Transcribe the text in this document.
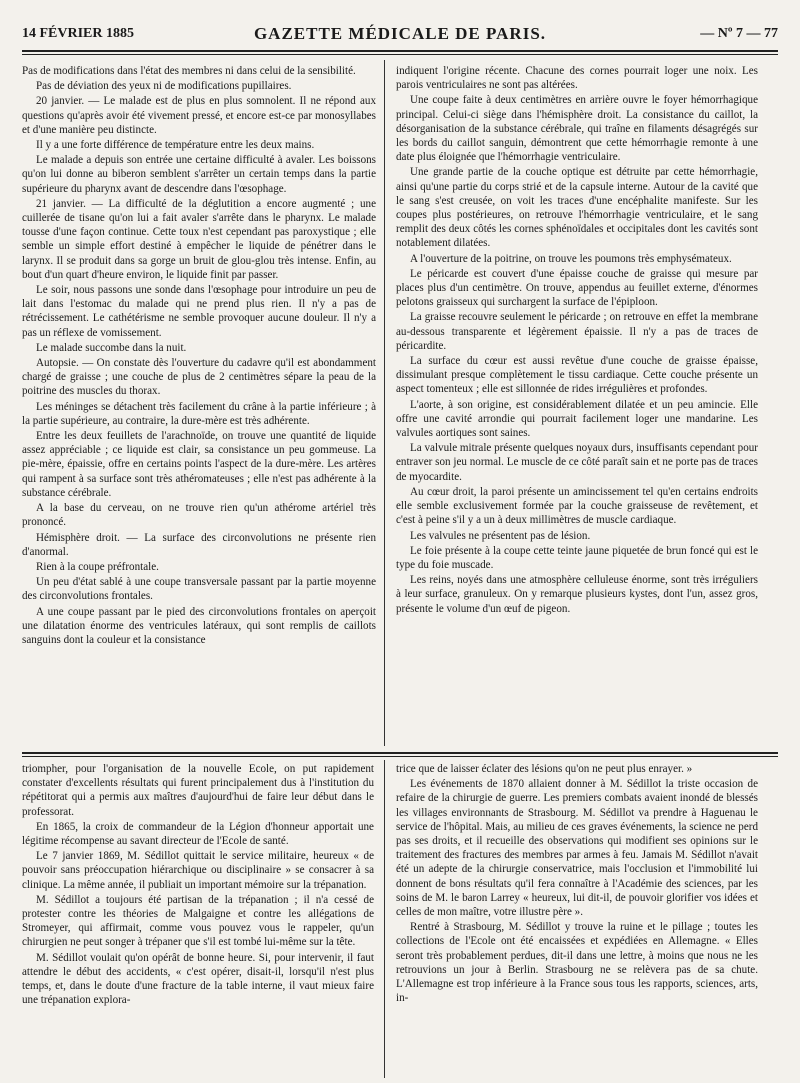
14 FÉVRIER 1885	GAZETTE MÉDICALE DE PARIS.	— Nº 7 — 77

Pas de modifications dans l'état des membres ni dans celui de la sensibilité.

Pas de déviation des yeux ni de modifications pupillaires.

20 janvier. — Le malade est de plus en plus somnolent. Il ne répond aux questions qu'après avoir été vivement pressé, et encore est-ce par monosyllabes et d'une manière peu distincte.

Il y a une forte différence de température entre les deux mains.

Le malade a depuis son entrée une certaine difficulté à avaler. Les boissons qu'on lui donne au biberon semblent s'arrêter un certain temps dans la partie supérieure du pharynx avant de descendre dans l'œsophage.

21 janvier. — La difficulté de la déglutition a encore augmenté ; une cuillerée de tisane qu'on lui a fait avaler s'arrête dans le pharynx. Le malade tousse d'une façon continue. Cette toux n'est cependant pas paroxystique ; elle semble un simple effort destiné à empêcher le liquide de pénétrer dans le larynx. Il se produit dans sa gorge un bruit de glou-glou très intense. Enfin, au bout d'un quart d'heure environ, le liquide finit par passer.

Le soir, nous passons une sonde dans l'œsophage pour introduire un peu de lait dans l'estomac du malade qui ne prend plus rien. Il n'y a pas de rétrécissement. Le cathétérisme ne semble provoquer aucune douleur. Il n'y a pas un réflexe de vomissement.

Le malade succombe dans la nuit.

Autopsie. — On constate dès l'ouverture du cadavre qu'il est abondamment chargé de graisse ; une couche de plus de 2 centimètres sépare la peau de la poitrine des muscles du thorax.

Les méninges se détachent très facilement du crâne à la partie inférieure ; à la partie supérieure, au contraire, la dure-mère est très adhérente.

Entre les deux feuillets de l'arachnoïde, on trouve une quantité de liquide assez appréciable ; ce liquide est clair, sa consistance un peu gommeuse. La pie-mère, épaissie, offre en certains points l'aspect de la dure-mère. Les artères qui rampent à sa surface sont très athéromateuses ; elle n'est pas adhérente à la substance cérébrale.

A la base du cerveau, on ne trouve rien qu'un athérome artériel très prononcé.

Hémisphère droit. — La surface des circonvolutions ne présente rien d'anormal.

Rien à la coupe préfrontale.

Un peu d'état sablé à une coupe transversale passant par la partie moyenne des circonvolutions frontales.

A une coupe passant par le pied des circonvolutions frontales on aperçoit une dilatation énorme des ventricules latéraux, qui sont remplis de caillots sanguins dont la couleur et la consistance

indiquent l'origine récente. Chacune des cornes pourrait loger une noix. Les parois ventriculaires ne sont pas altérées.

Une coupe faite à deux centimètres en arrière ouvre le foyer hémorrhagique principal. Celui-ci siège dans l'hémisphère droit. La consistance du caillot, la désorganisation de la substance cérébrale, qui traîne en filaments désagrégés sur les bords du caillot sanguin, démontrent que cette hémorrhagie remonte à une date plus éloignée que l'hémorrhagie ventriculaire.

Une grande partie de la couche optique est détruite par cette hémorrhagie, ainsi qu'une partie du corps strié et de la capsule interne. Autour de la cavité que le sang s'est creusée, on voit les traces d'une encéphalite manifeste. Sur les coupes plus postérieures, on retrouve l'hémorrhagie ventriculaire, et le sang remplit des deux côtés les cornes sphénoïdales et occipitales dont les cavités sont notablement dilatées.

A l'ouverture de la poitrine, on trouve les poumons très emphysémateux.

Le péricarde est couvert d'une épaisse couche de graisse qui mesure par places plus d'un centimètre. On trouve, appendus au feuillet externe, d'énormes pelotons graisseux qui surchargent la surface de l'épiploon.

La graisse recouvre seulement le péricarde ; on retrouve en effet la membrane au-dessous transparente et légèrement épaissie. Il n'y a pas de traces de péricardite.

La surface du cœur est aussi revêtue d'une couche de graisse épaisse, dissimulant presque complètement le tissu cardiaque. Cette couche présente un aspect tomenteux ; elle est sillonnée de rides irrégulières et profondes.

L'aorte, à son origine, est considérablement dilatée et un peu amincie. Elle offre une cavité arrondie qui pourrait facilement loger une mandarine. Les valvules aortiques sont saines.

La valvule mitrale présente quelques noyaux durs, insuffisants cependant pour entraver son jeu normal. Le muscle de ce côté paraît sain et ne porte pas de traces de myocardite.

Au cœur droit, la paroi présente un amincissement tel qu'en certains endroits elle semble exclusivement formée par la couche graisseuse de revêtement, et c'est à peine s'il y a un à deux millimètres de muscle cardiaque.

Les valvules ne présentent pas de lésion.

Le foie présente à la coupe cette teinte jaune piquetée de brun foncé qui est le type du foie muscade.

Les reins, noyés dans une atmosphère celluleuse énorme, sont très irréguliers à leur surface, granuleux. On y remarque plusieurs kystes, dont l'un, assez gros, présente le volume d'un œuf de pigeon.

triompher, pour l'organisation de la nouvelle Ecole, on put rapidement constater d'excellents résultats qui furent principalement dus à l'institution du répétitorat qui a permis aux maîtres d'aujourd'hui de faire leur début dans le professorat.

En 1865, la croix de commandeur de la Légion d'honneur apportait une légitime récompense au savant directeur de l'Ecole de santé.

Le 7 janvier 1869, M. Sédillot quittait le service militaire, heureux « de pouvoir sans préoccupation hiérarchique ou disciplinaire » se consacrer à sa clinique. La même année, il publiait un important mémoire sur la trépanation.

M. Sédillot a toujours été partisan de la trépanation ; il n'a cessé de protester contre les théories de Malgaigne et contre les allégations de Stromeyer, qui affirmait, comme vous pouvez vous le rappeler, qu'un chirurgien ne peut songer à trépaner que s'il est tombé lui-même sur la tête.

M. Sédillot voulait qu'on opérât de bonne heure. Si, pour intervenir, il faut attendre le début des accidents, « c'est opérer, disait-il, lorsqu'il n'est plus temps, et, dans le doute d'une fracture de la table interne, il vaut mieux faire une trépanation explora-

trice que de laisser éclater des lésions qu'on ne peut plus enrayer. »

Les événements de 1870 allaient donner à M. Sédillot la triste occasion de refaire de la chirurgie de guerre. Les premiers combats avaient inondé de blessés les villages environnants de Strasbourg. M. Sédillot va prendre à Haguenau le service de l'hôpital. Mais, au milieu de ces graves événements, la science ne perd pas ses droits, et il recueille des observations qui modifient ses opinions sur le traitement des fractures des membres par armes à feu. Jamais M. Sédillot n'avait été un adepte de la chirurgie conservatrice, mais l'occlusion et l'immobilité lui donnent de bons résultats qu'il fera connaître à l'Académie des sciences, par les soins de M. le baron Larrey « heureux, lui dit-il, de pouvoir glorifier vos idées et celles de mon maître, votre illustre père ».

Rentré à Strasbourg, M. Sédillot y trouve la ruine et le pillage ; toutes les collections de l'Ecole ont été encaissées et expédiées en Allemagne. « Elles seront très probablement perdues, dit-il dans une lettre, à moins que nous ne les retrouvions un jour à Berlin. Strasbourg ne se relèvera pas de sa chute. L'Allemagne est trop inférieure à la France sous tous les rapports, sciences, arts, in-
